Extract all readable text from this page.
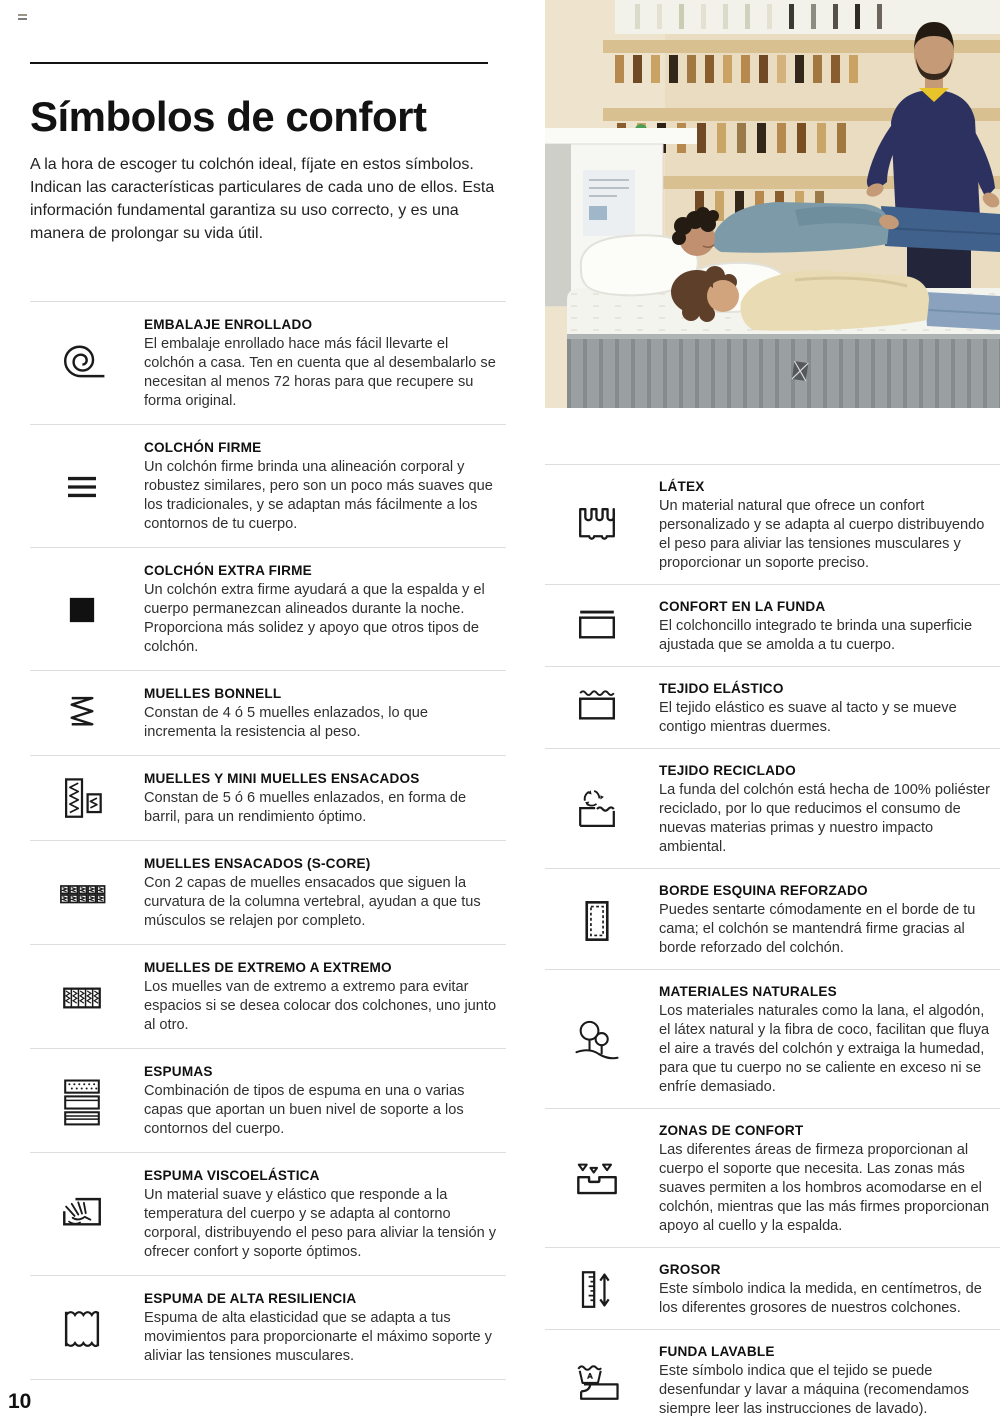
Símbolos de confort

A la hora de escoger tu colchón ideal, fíjate en estos símbolos. Indican las características particulares de cada uno de ellos. Esta información fundamental garantiza su uso correcto, y es una manera de prolongar su vida útil.

EMBALAJE ENROLLADO

El embalaje enrollado hace más fácil llevarte el colchón a casa. Ten en cuenta que al desembalarlo se necesitan al menos 72 horas para que recupere su forma original.

COLCHÓN FIRME

Un colchón firme brinda una alineación corporal y robustez similares, pero son un poco más suaves que los tradicionales, y se adaptan más fácilmente a los contornos de tu cuerpo.

COLCHÓN EXTRA FIRME

Un colchón extra firme ayudará a que la espalda y el cuerpo permanezcan alineados durante la noche. Proporciona más solidez y apoyo que otros tipos de colchón.

MUELLES BONNELL

Constan de 4 ó 5 muelles enlazados, lo que incrementa la resistencia al peso.

MUELLES Y MINI MUELLES ENSACADOS

Constan de 5 ó 6 muelles enlazados, en forma de barril, para un rendimiento óptimo.

MUELLES ENSACADOS (S-CORE)

Con 2 capas de muelles ensacados que siguen la curvatura de la columna vertebral, ayudan a que tus músculos se relajen por completo.

MUELLES DE EXTREMO A EXTREMO

Los muelles van de extremo a extremo para evitar espacios si se desea colocar dos colchones, uno junto al otro.

ESPUMAS

Combinación de tipos de espuma en una o varias capas que aportan un buen nivel de soporte a los contornos del cuerpo.

ESPUMA VISCOELÁSTICA

Un material suave y elástico que responde a la temperatura del cuerpo y se adapta al contorno corporal, distribuyendo el peso para aliviar la tensión y ofrecer confort y soporte óptimos.

ESPUMA DE ALTA RESILIENCIA

Espuma de alta elasticidad que se adapta a tus movimientos para proporcionarte el máximo soporte y aliviar las tensiones musculares.

LÁTEX

Un material natural que ofrece un confort personalizado y se adapta al cuerpo distribuyendo el peso para aliviar las tensiones musculares y proporcionar un soporte preciso.

CONFORT EN LA FUNDA

El colchoncillo integrado te brinda una superficie ajustada que se amolda a tu cuerpo.

TEJIDO ELÁSTICO

El tejido elástico es suave al tacto y se mueve contigo mientras duermes.

TEJIDO RECICLADO

La funda del colchón está hecha de 100% poliéster reciclado, por lo que reducimos el consumo de nuevas materias primas y nuestro impacto ambiental.

BORDE ESQUINA REFORZADO

Puedes sentarte cómodamente en el borde de tu cama; el colchón se mantendrá firme gracias al borde reforzado del colchón.

MATERIALES NATURALES

Los materiales naturales como la lana, el algodón, el látex natural y la fibra de coco, facilitan que fluya el aire a través del colchón y extraiga la humedad, para que tu cuerpo no se caliente en exceso ni se enfríe demasiado.

ZONAS DE CONFORT

Las diferentes áreas de firmeza proporcionan al cuerpo el soporte que necesita. Las zonas más suaves permiten a los hombros acomodarse en el colchón, mientras que las más firmes proporcionan apoyo al cuello y la espalda.

GROSOR

Este símbolo indica la medida, en centímetros, de los diferentes grosores de nuestros colchones.

FUNDA LAVABLE

Este símbolo indica que el tejido se puede desenfundar y lavar a máquina (recomendamos siempre leer las instrucciones de lavado).

10
